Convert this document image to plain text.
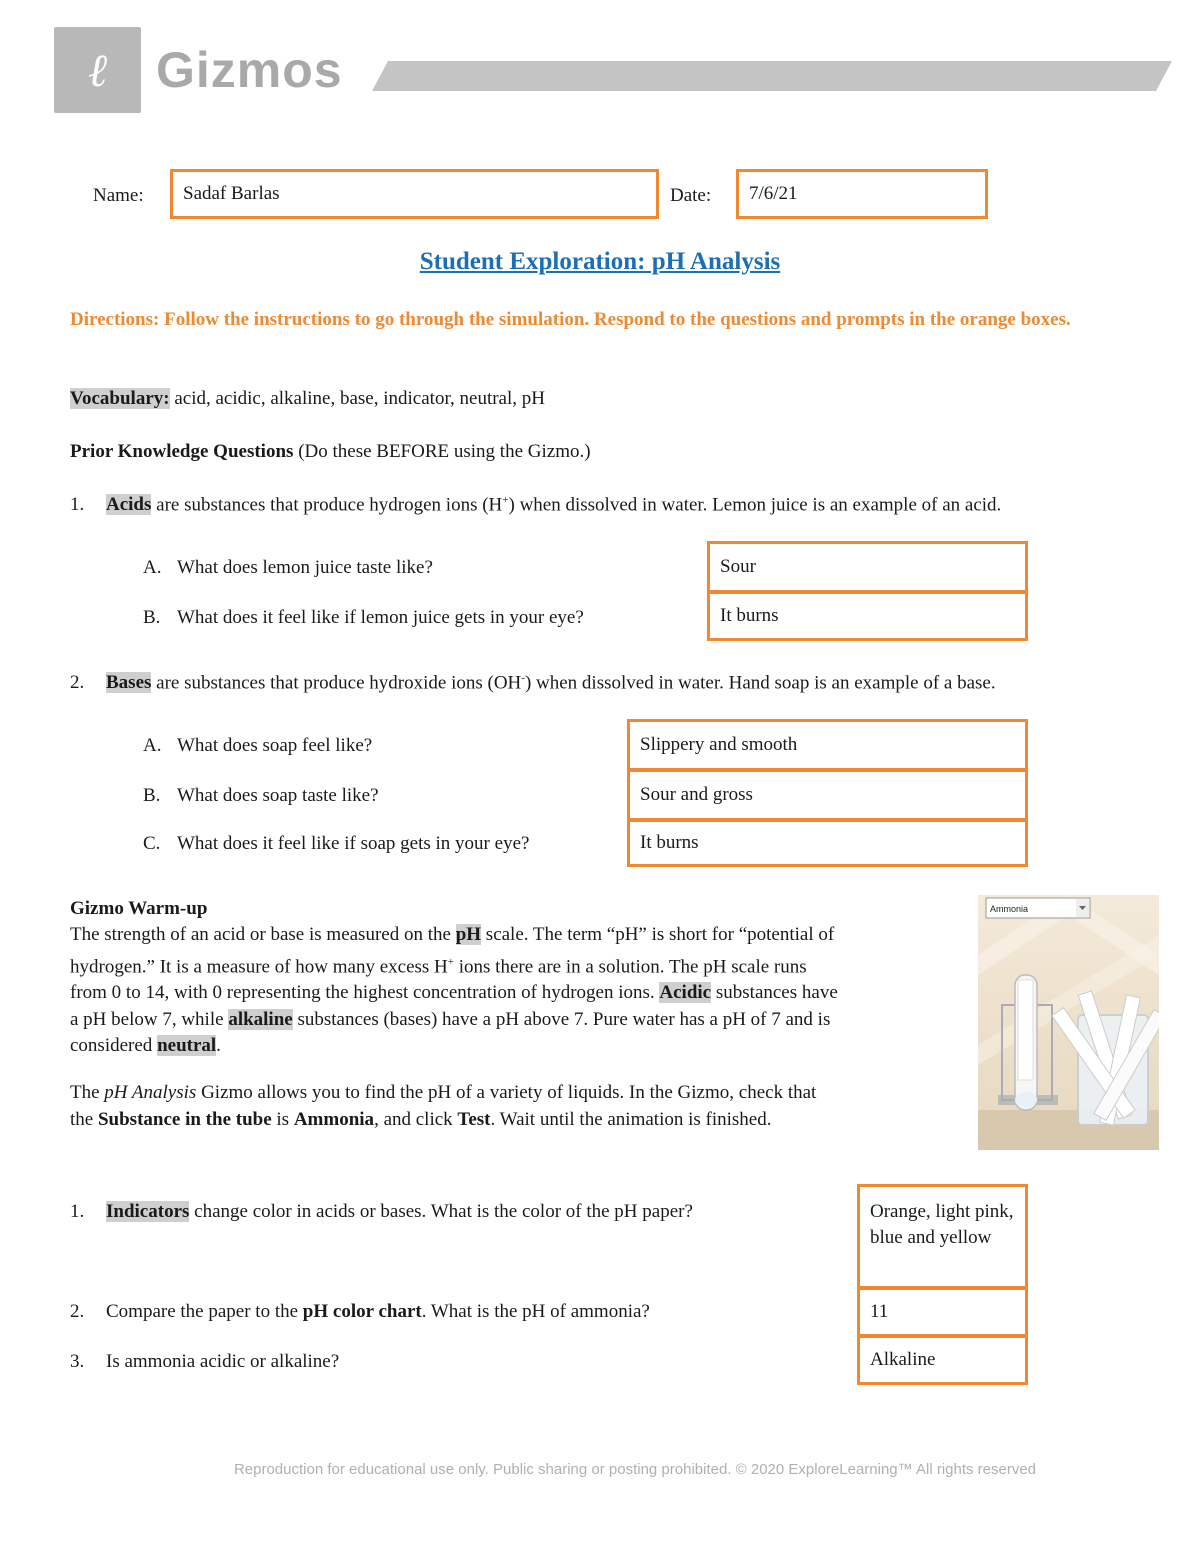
ℓ Gizmos
Name: Sadaf Barlas	Date: 7/6/21
Student Exploration: pH Analysis
Directions: Follow the instructions to go through the simulation. Respond to the questions and prompts in the orange boxes.
Vocabulary: acid, acidic, alkaline, base, indicator, neutral, pH
Prior Knowledge Questions (Do these BEFORE using the Gizmo.)
1. Acids are substances that produce hydrogen ions (H+) when dissolved in water. Lemon juice is an example of an acid.
A. What does lemon juice taste like?	Sour
B. What does it feel like if lemon juice gets in your eye?	It burns
2. Bases are substances that produce hydroxide ions (OH-) when dissolved in water. Hand soap is an example of a base.
A. What does soap feel like?	Slippery and smooth
B. What does soap taste like?	Sour and gross
C. What does it feel like if soap gets in your eye?	It burns
Gizmo Warm-up
The strength of an acid or base is measured on the pH scale. The term “pH” is short for “potential of hydrogen.” It is a measure of how many excess H+ ions there are in a solution. The pH scale runs from 0 to 14, with 0 representing the highest concentration of hydrogen ions. Acidic substances have a pH below 7, while alkaline substances (bases) have a pH above 7. Pure water has a pH of 7 and is considered neutral.
The pH Analysis Gizmo allows you to find the pH of a variety of liquids. In the Gizmo, check that the Substance in the tube is Ammonia, and click Test. Wait until the animation is finished.
Ammonia
1. Indicators change color in acids or bases. What is the color of the pH paper?	Orange, light pink, blue and yellow
2. Compare the paper to the pH color chart. What is the pH of ammonia?	11
3. Is ammonia acidic or alkaline?	Alkaline
Reproduction for educational use only. Public sharing or posting prohibited. © 2020 ExploreLearning™ All rights reserved
